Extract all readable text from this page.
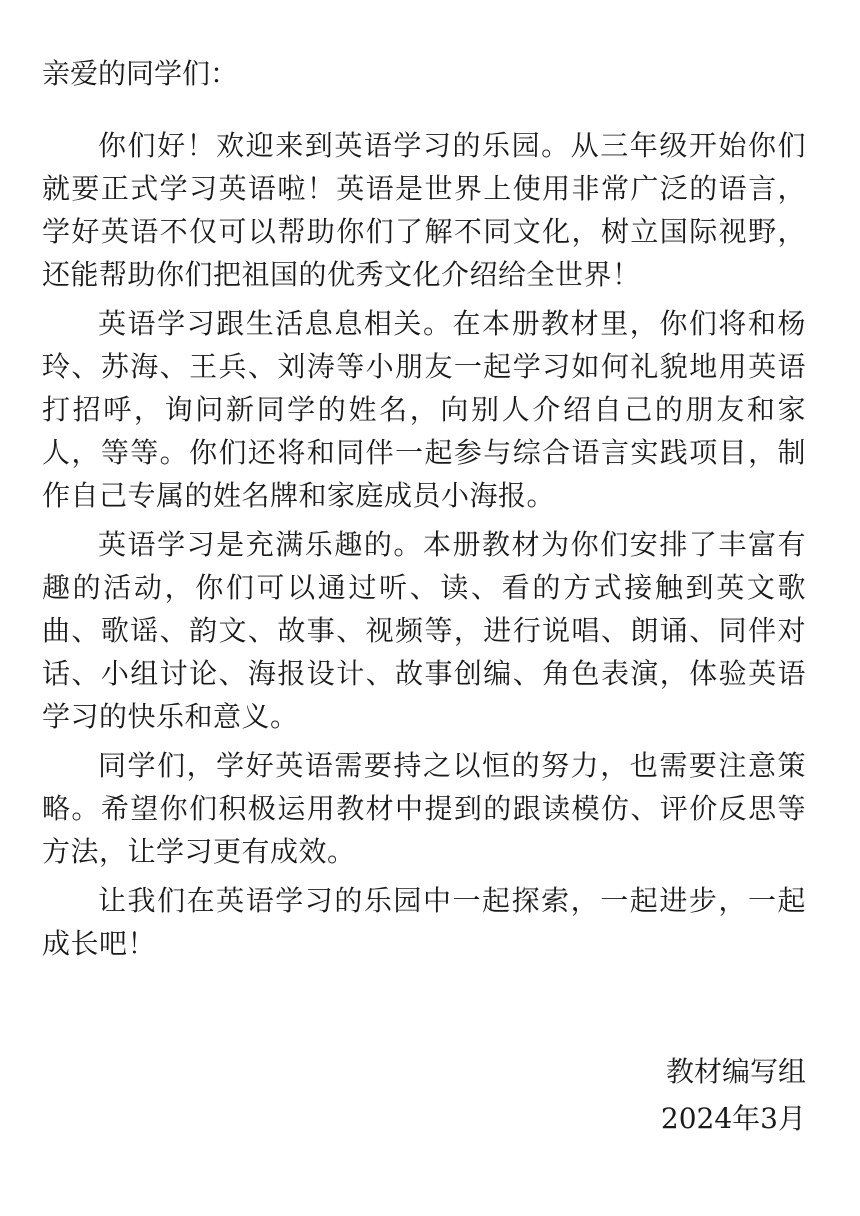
亲爱的同学们：

你们好！欢迎来到英语学习的乐园。从三年级开始你们就要正式学习英语啦！英语是世界上使用非常广泛的语言，学好英语不仅可以帮助你们了解不同文化，树立国际视野，还能帮助你们把祖国的优秀文化介绍给全世界！

英语学习跟生活息息相关。在本册教材里，你们将和杨玲、苏海、王兵、刘涛等小朋友一起学习如何礼貌地用英语打招呼，询问新同学的姓名，向别人介绍自己的朋友和家人，等等。你们还将和同伴一起参与综合语言实践项目，制作自己专属的姓名牌和家庭成员小海报。

英语学习是充满乐趣的。本册教材为你们安排了丰富有趣的活动，你们可以通过听、读、看的方式接触到英文歌曲、歌谣、韵文、故事、视频等，进行说唱、朗诵、同伴对话、小组讨论、海报设计、故事创编、角色表演，体验英语学习的快乐和意义。

同学们，学好英语需要持之以恒的努力，也需要注意策略。希望你们积极运用教材中提到的跟读模仿、评价反思等方法，让学习更有成效。

让我们在英语学习的乐园中一起探索，一起进步，一起成长吧！

教材编写组
2024年3月
